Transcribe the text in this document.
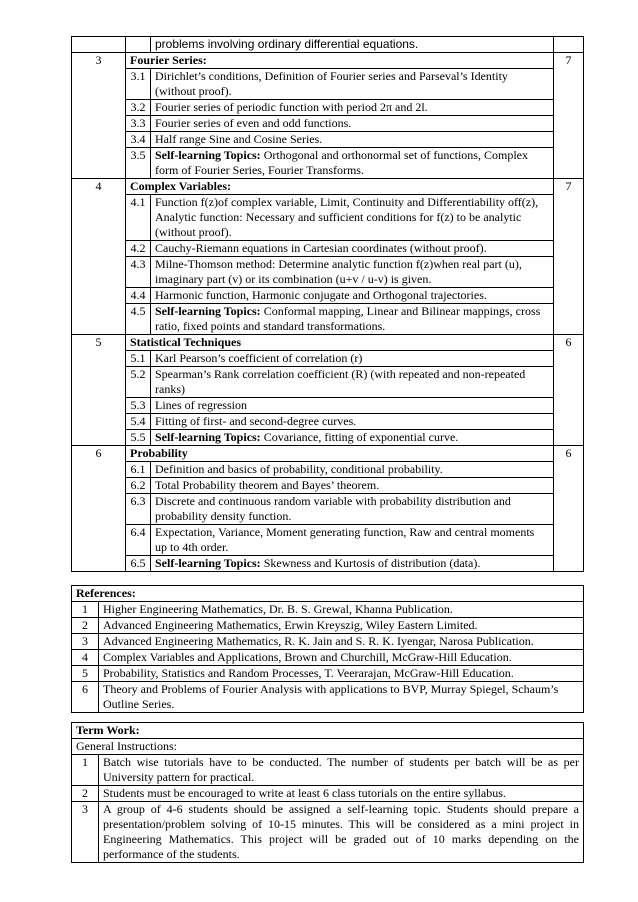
		problems involving ordinary differential equations.	
3	Fourier Series:		7
	3.1	Dirichlet’s conditions, Definition of Fourier series and Parseval’s Identity (without proof).	
	3.2	Fourier series of periodic function with period 2π and 2l.	
	3.3	Fourier series of even and odd functions.	
	3.4	Half range Sine and Cosine Series.	
	3.5	Self-learning Topics: Orthogonal and orthonormal set of functions, Complex form of Fourier Series, Fourier Transforms.	
4	Complex Variables:		7
	4.1	Function f(z)of complex variable, Limit, Continuity and Differentiability off(z), Analytic function: Necessary and sufficient conditions for f(z) to be analytic (without proof).	
	4.2	Cauchy-Riemann equations in Cartesian coordinates (without proof).	
	4.3	Milne-Thomson method: Determine analytic function f(z)when real part (u), imaginary part (v) or its combination (u+v / u-v) is given.	
	4.4	Harmonic function, Harmonic conjugate and Orthogonal trajectories.	
	4.5	Self-learning Topics: Conformal mapping, Linear and Bilinear mappings, cross ratio, fixed points and standard transformations.	
5	Statistical Techniques		6
	5.1	Karl Pearson’s coefficient of correlation (r)	
	5.2	Spearman’s Rank correlation coefficient (R) (with repeated and non-repeated ranks)	
	5.3	Lines of regression	
	5.4	Fitting of first- and second-degree curves.	
	5.5	Self-learning Topics: Covariance, fitting of exponential curve.	
6	Probability		6
	6.1	Definition and basics of probability, conditional probability.	
	6.2	Total Probability theorem and Bayes’ theorem.	
	6.3	Discrete and continuous random variable with probability distribution and probability density function.	
	6.4	Expectation, Variance, Moment generating function, Raw and central moments up to 4th order.	
	6.5	Self-learning Topics: Skewness and Kurtosis of distribution (data).	
References:	
1	Higher Engineering Mathematics, Dr. B. S. Grewal, Khanna Publication.
2	Advanced Engineering Mathematics, Erwin Kreyszig, Wiley Eastern Limited.
3	Advanced Engineering Mathematics, R. K. Jain and S. R. K. Iyengar, Narosa Publication.
4	Complex Variables and Applications, Brown and Churchill, McGraw-Hill Education.
5	Probability, Statistics and Random Processes, T. Veerarajan, McGraw-Hill Education.
6	Theory and Problems of Fourier Analysis with applications to BVP, Murray Spiegel, Schaum’s Outline Series.
Term Work:	
General Instructions:	
1	Batch wise tutorials have to be conducted. The number of students per batch will be as per University pattern for practical.
2	Students must be encouraged to write at least 6 class tutorials on the entire syllabus.
3	A group of 4-6 students should be assigned a self-learning topic. Students should prepare a presentation/problem solving of 10-15 minutes. This will be considered as a mini project in Engineering Mathematics. This project will be graded out of 10 marks depending on the performance of the students.
